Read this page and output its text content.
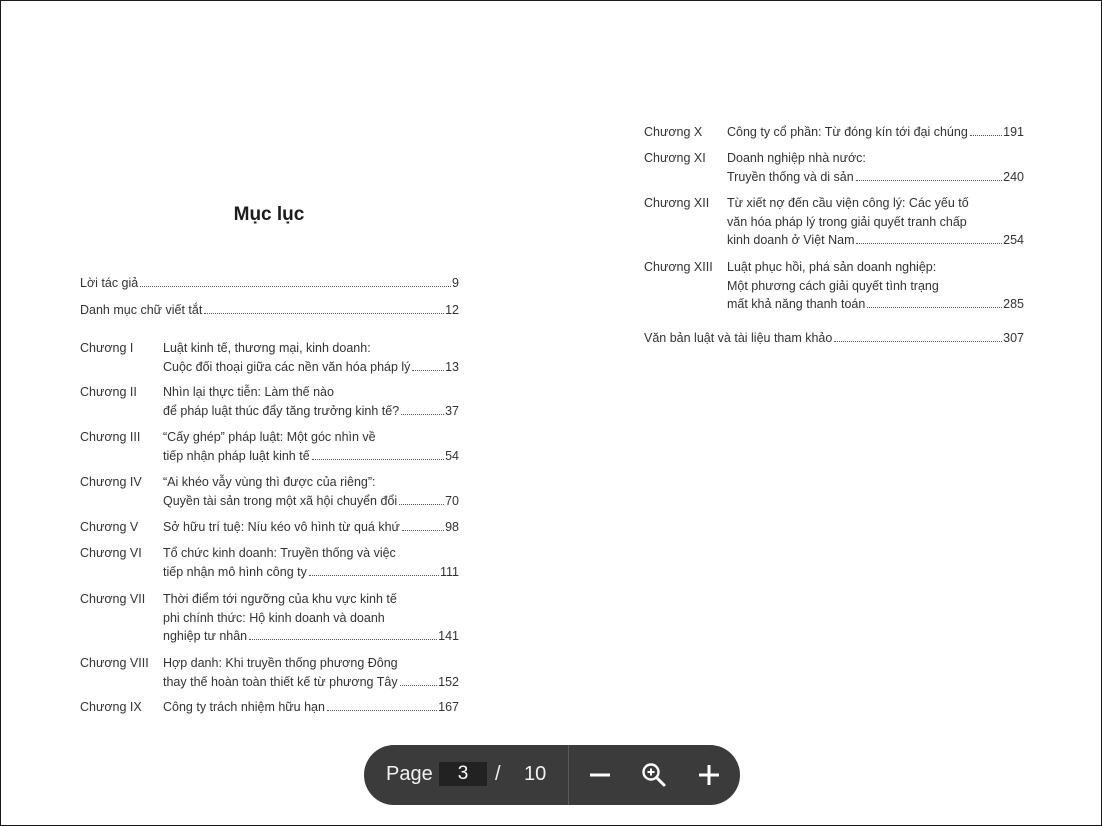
Mục lục
Lời tác giả	9
Danh mục chữ viết tắt	12
Chương I Luật kinh tế, thương mại, kinh doanh:
Cuộc đối thoại giữa các nền văn hóa pháp lý	13
Chương II Nhìn lại thực tiễn: Làm thế nào
để pháp luật thúc đẩy tăng trưởng kinh tế?	37
Chương III “Cấy ghép” pháp luật: Một góc nhìn về
tiếp nhận pháp luật kinh tế	54
Chương IV “Ai khéo vẫy vùng thì được của riêng”:
Quyền tài sản trong một xã hội chuyển đổi	70
Chương V Sở hữu trí tuệ: Níu kéo vô hình từ quá khứ	98
Chương VI Tổ chức kinh doanh: Truyền thống và việc
tiếp nhận mô hình công ty	111
Chương VII Thời điểm tới ngưỡng của khu vực kinh tế
phi chính thức: Hộ kinh doanh và doanh
nghiệp tư nhân	141
Chương VIII Hợp danh: Khi truyền thống phương Đông
thay thế hoàn toàn thiết kế từ phương Tây	152
Chương IX Công ty trách nhiệm hữu hạn	167
Chương X Công ty cổ phần: Từ đóng kín tới đại chúng	191
Chương XI Doanh nghiệp nhà nước:
Truyền thống và di sản	240
Chương XII Từ xiết nợ đến cầu viện công lý: Các yếu tố
văn hóa pháp lý trong giải quyết tranh chấp
kinh doanh ở Việt Nam	254
Chương XIII Luật phục hồi, phá sản doanh nghiệp:
Một phương cách giải quyết tình trạng
mất khả năng thanh toán	285
Văn bản luật và tài liệu tham khảo	307
Page
3	/ 10
